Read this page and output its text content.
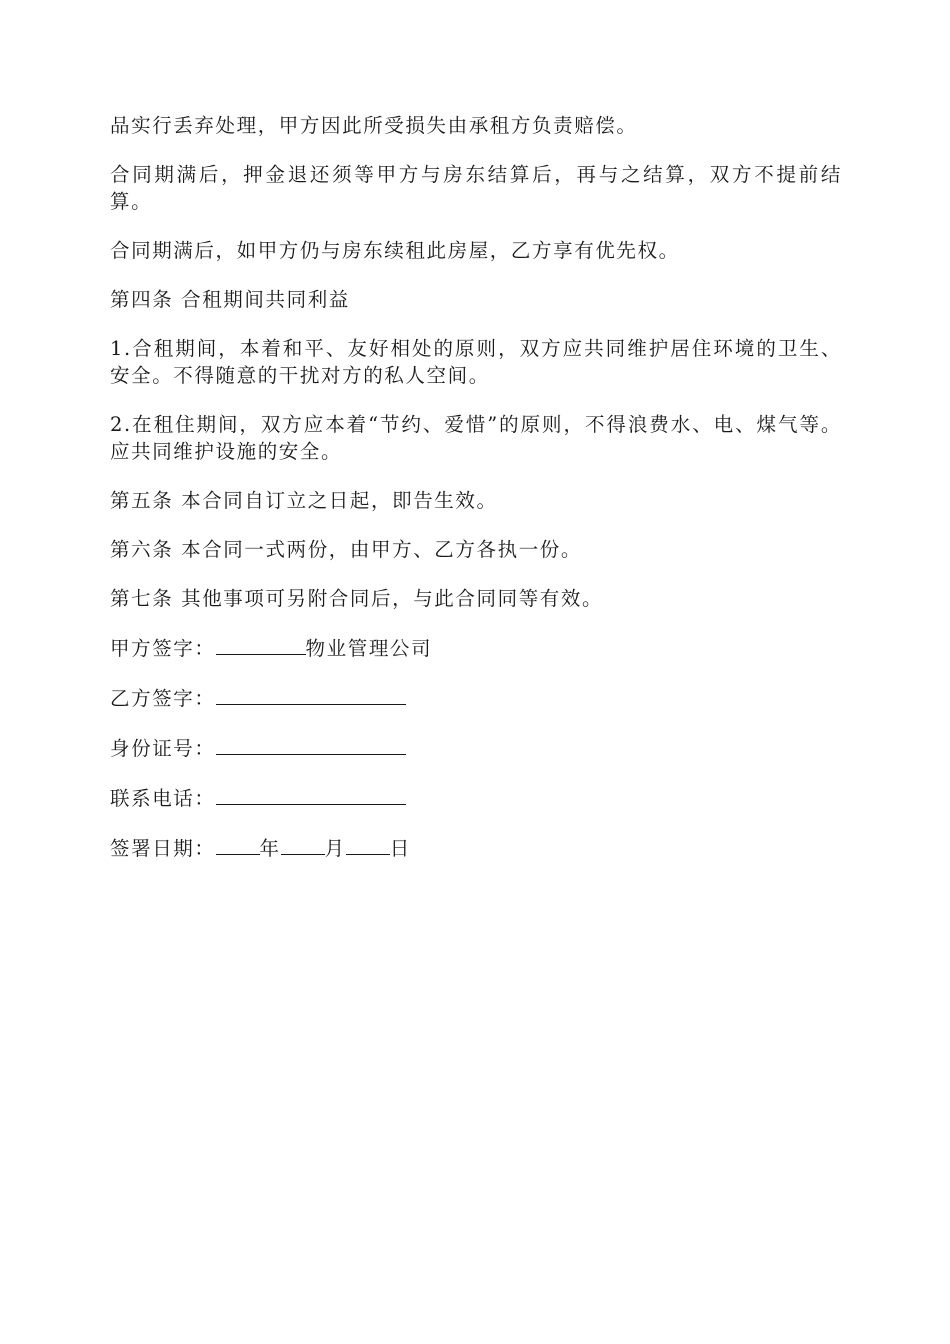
品实行丢弃处理，甲方因此所受损失由承租方负责赔偿。

合同期满后，押金退还须等甲方与房东结算后，再与之结算，双方不提前结算。

合同期满后，如甲方仍与房东续租此房屋，乙方享有优先权。

第四条 合租期间共同利益

1.合租期间，本着和平、友好相处的原则，双方应共同维护居住环境的卫生、安全。不得随意的干扰对方的私人空间。

2.在租住期间，双方应本着“节约、爱惜”的原则，不得浪费水、电、煤气等。应共同维护设施的安全。

第五条 本合同自订立之日起，即告生效。

第六条 本合同一式两份，由甲方、乙方各执一份。

第七条 其他事项可另附合同后，与此合同同等有效。

甲方签字：	物业管理公司
乙方签字：
身份证号：
联系电话：
签署日期： 年 月 日
